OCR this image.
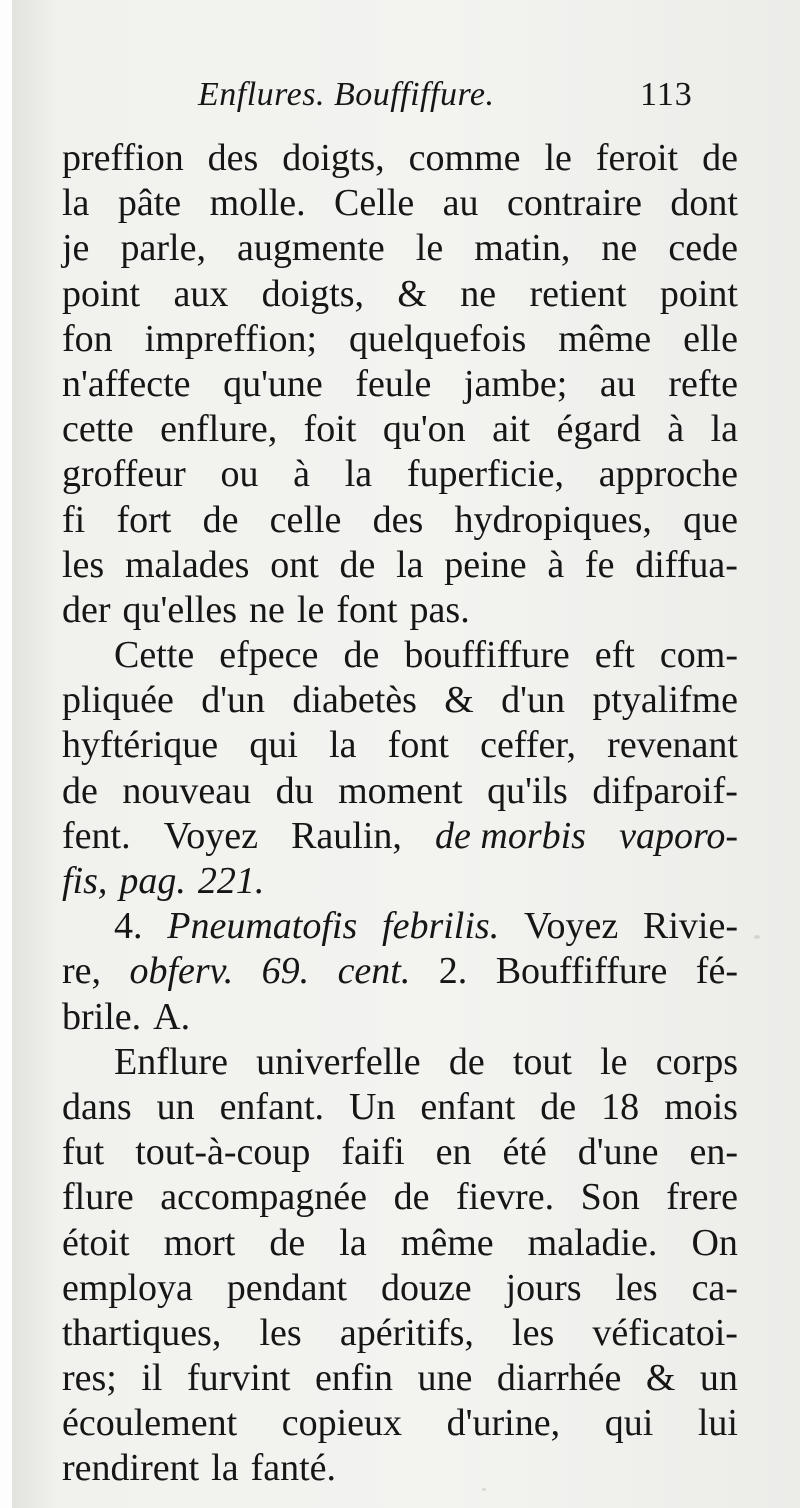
Enflures. Bouffiffure.	113
preffion des doigts, comme le feroit de
la pâte molle. Celle au contraire dont
je parle, augmente le matin, ne cede
point aux doigts, & ne retient point
fon impreffion; quelquefois même elle
n'affecte qu'une feule jambe; au refte
cette enflure, foit qu'on ait égard à la
groffeur ou à la fuperficie, approche
fi fort de celle des hydropiques, que
les malades ont de la peine à fe diffua-
der qu'elles ne le font pas.
Cette efpece de bouffiffure eft com-
pliquée d'un diabetès & d'un ptyalifme
hyftérique qui la font ceffer, revenant
de nouveau du moment qu'ils difparoif-
fent. Voyez Raulin, de morbis vaporo-
fis, pag. 221.
4. Pneumatofis febrilis. Voyez Rivie-
re, obferv. 69. cent. 2. Bouffiffure fé-
brile. A.
Enflure univerfelle de tout le corps
dans un enfant. Un enfant de 18 mois
fut tout-à-coup faifi en été d'une en-
flure accompagnée de fievre. Son frere
étoit mort de la même maladie. On
employa pendant douze jours les ca-
thartiques, les apéritifs, les véficatoi-
res; il furvint enfin une diarrhée & un
écoulement copieux d'urine, qui lui
rendirent la fanté.
